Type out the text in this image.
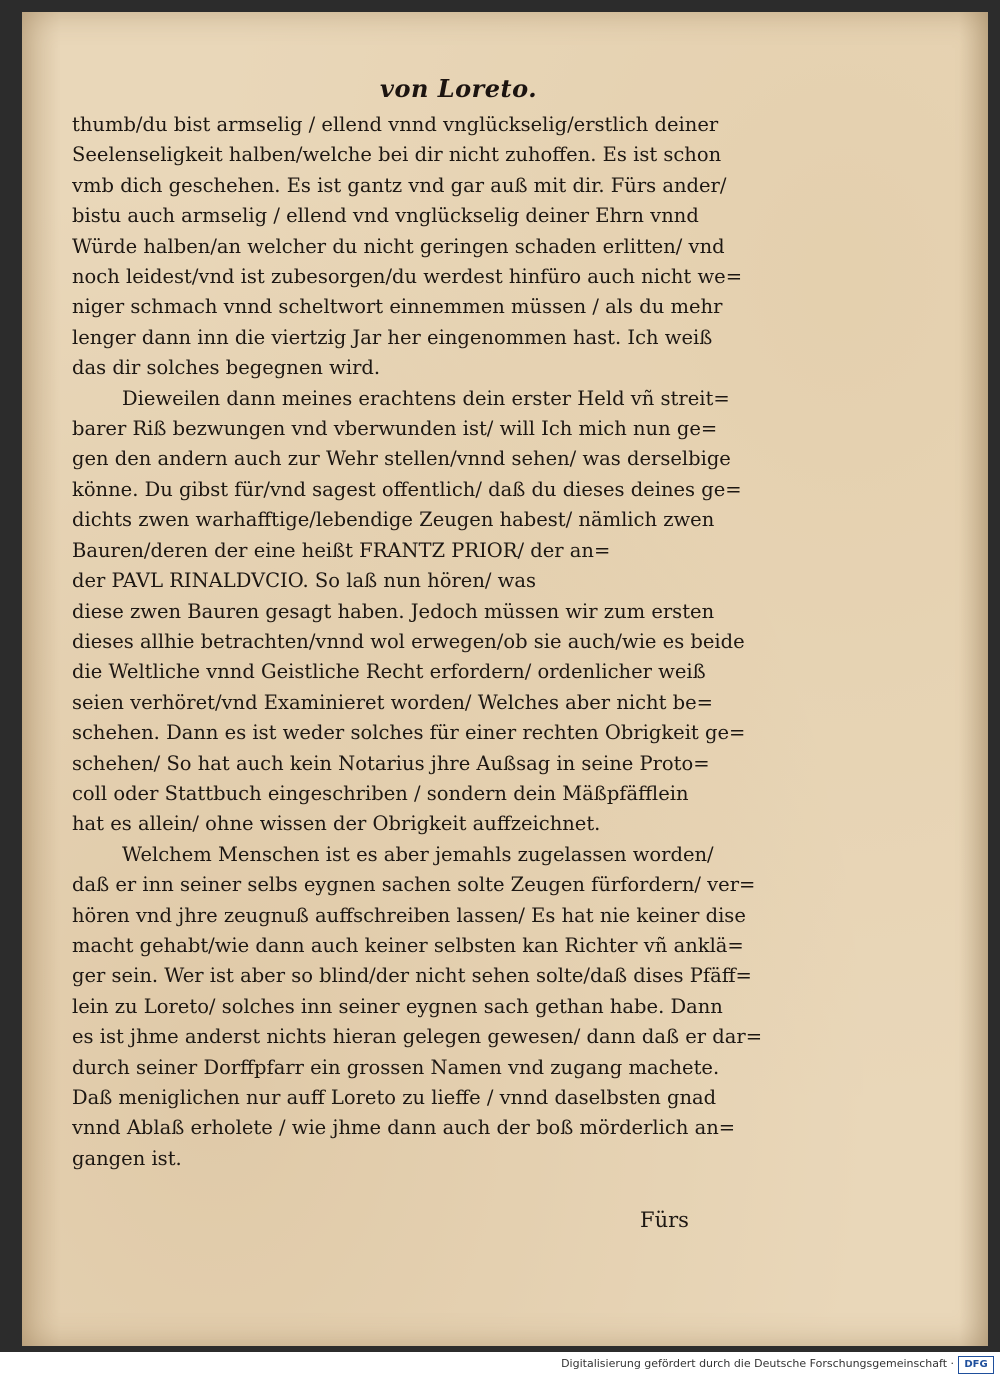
von Loreto.
thumb/du bist armselig / ellend vnnd vnglückselig/erstlich deiner
Seelenseligkeit halben/welche bei dir nicht zuhoffen. Es ist schon
vmb dich geschehen. Es ist gantz vnd gar auß mit dir. Fürs ander/
bistu auch armselig / ellend vnd vnglückselig deiner Ehrn vnnd
Würde halben/an welcher du nicht geringen schaden erlitten/ vnd
noch leidest/vnd ist zubesorgen/du werdest hinfüro auch nicht we=
niger schmach vnnd scheltwort einnemmen müssen / als du mehr
lenger dann inn die viertzig Jar her eingenommen hast. Ich weiß
das dir solches begegnen wird.
Dieweilen dann meines erachtens dein erster Held vñ streit=
barer Riß bezwungen vnd vberwunden ist/ will Ich mich nun ge=
gen den andern auch zur Wehr stellen/vnnd sehen/ was derselbige
könne. Du gibst für/vnd sagest offentlich/ daß du dieses deines ge=
dichts zwen warhafftige/lebendige Zeugen habest/ nämlich zwen
Bauren/deren der eine heißt FRANTZ PRIOR/ der an=
der PAVL RINALDVCIO. So laß nun hören/ was
diese zwen Bauren gesagt haben. Jedoch müssen wir zum ersten
dieses allhie betrachten/vnnd wol erwegen/ob sie auch/wie es beide
die Weltliche vnnd Geistliche Recht erfordern/ ordenlicher weiß
seien verhöret/vnd Examinieret worden/ Welches aber nicht be=
schehen. Dann es ist weder solches für einer rechten Obrigkeit ge=
schehen/ So hat auch kein Notarius jhre Außsag in seine Proto=
coll oder Stattbuch eingeschriben / sondern dein Mäßpfäfflein
hat es allein/ ohne wissen der Obrigkeit auffzeichnet.
Welchem Menschen ist es aber jemahls zugelassen worden/
daß er inn seiner selbs eygnen sachen solte Zeugen fürfordern/ ver=
hören vnd jhre zeugnuß auffschreiben lassen/ Es hat nie keiner dise
macht gehabt/wie dann auch keiner selbsten kan Richter vñ anklä=
ger sein. Wer ist aber so blind/der nicht sehen solte/daß dises Pfäff=
lein zu Loreto/ solches inn seiner eygnen sach gethan habe. Dann
es ist jhme anderst nichts hieran gelegen gewesen/ dann daß er dar=
durch seiner Dorffpfarr ein grossen Namen vnd zugang machete.
Daß meniglichen nur auff Loreto zu lieffe / vnnd daselbsten gnad
vnnd Ablaß erholete / wie jhme dann auch der boß mörderlich an=
gangen ist.
Fürs
Digitalisierung gefördert durch die Deutsche Forschungsgemeinschaft ·	DFG
